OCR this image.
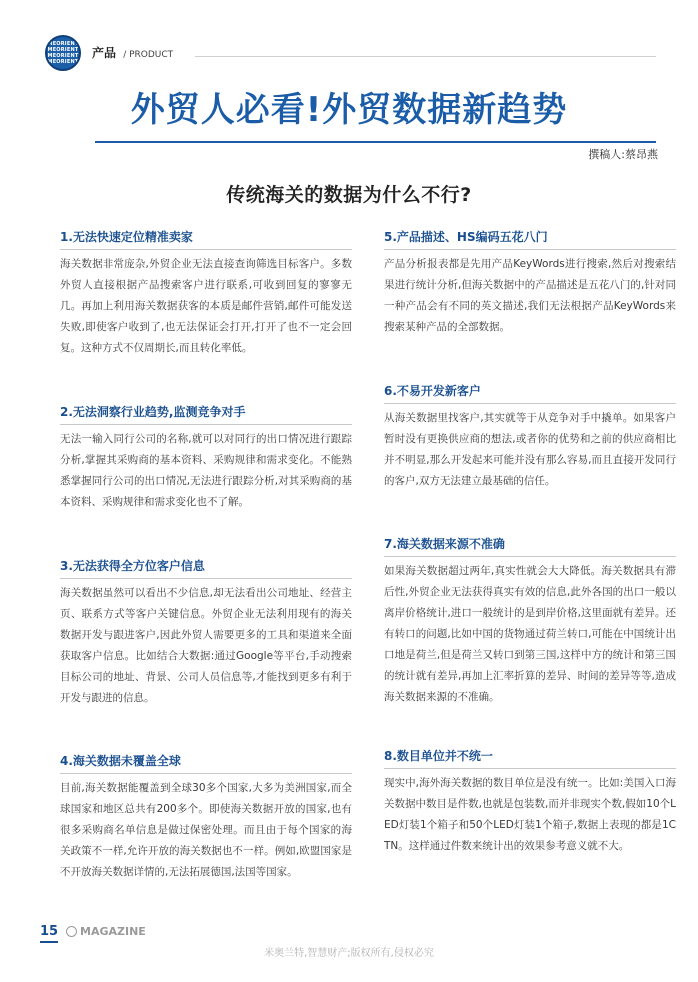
MEORIENT
MEORIENT
MEORIENT
MEORIENT
产品 / PRODUCT
外贸人必看!外贸数据新趋势
撰稿人:蔡昂燕
传统海关的数据为什么不行?
1.无法快速定位精准卖家

海关数据非常庞杂,外贸企业无法直接查询筛选目标客户。多数外贸人直接根据产品搜索客户进行联系,可收到回复的寥寥无几。再加上利用海关数据获客的本质是邮件营销,邮件可能发送失败,即使客户收到了,也无法保证会打开,打开了也不一定会回复。这种方式不仅周期长,而且转化率低。

2.无法洞察行业趋势,监测竞争对手

无法一输入同行公司的名称,就可以对同行的出口情况进行跟踪分析,掌握其采购商的基本资料、采购规律和需求变化。不能熟悉掌握同行公司的出口情况,无法进行跟踪分析,对其采购商的基本资料、采购规律和需求变化也不了解。

3.无法获得全方位客户信息

海关数据虽然可以看出不少信息,却无法看出公司地址、经营主页、联系方式等客户关键信息。外贸企业无法利用现有的海关数据开发与跟进客户,因此外贸人需要更多的工具和渠道来全面获取客户信息。比如结合大数据:通过Google等平台,手动搜索目标公司的地址、背景、公司人员信息等,才能找到更多有利于开发与跟进的信息。

4.海关数据未覆盖全球

目前,海关数据能覆盖到全球30多个国家,大多为美洲国家,而全球国家和地区总共有200多个。即使海关数据开放的国家,也有很多采购商名单信息是做过保密处理。而且由于每个国家的海关政策不一样,允许开放的海关数据也不一样。例如,欧盟国家是不开放海关数据详情的,无法拓展德国,法国等国家。

5.产品描述、HS编码五花八门

产品分析报表都是先用产品KeyWords进行搜索,然后对搜索结果进行统计分析,但海关数据中的产品描述是五花八门的,针对同一种产品会有不同的英文描述,我们无法根据产品KeyWords来搜索某种产品的全部数据。

6.不易开发新客户

从海关数据里找客户,其实就等于从竞争对手中撬单。如果客户暂时没有更换供应商的想法,或者你的优势和之前的供应商相比并不明显,那么开发起来可能并没有那么容易,而且直接开发同行的客户,双方无法建立最基础的信任。

7.海关数据来源不准确

如果海关数据超过两年,真实性就会大大降低。海关数据具有滞后性,外贸企业无法获得真实有效的信息,此外各国的出口一般以离岸价格统计,进口一般统计的是到岸价格,这里面就有差异。还有转口的问题,比如中国的货物通过荷兰转口,可能在中国统计出口地是荷兰,但是荷兰又转口到第三国,这样中方的统计和第三国的统计就有差异,再加上汇率折算的差异、时间的差异等等,造成海关数据来源的不准确。

8.数目单位并不统一

现实中,海外海关数据的数目单位是没有统一。比如:美国入口海关数据中数目是件数,也就是包装数,而并非现实个数,假如10个LED灯装1个箱子和50个LED灯装1个箱子,数据上表现的都是1CTN。这样通过件数来统计出的效果参考意义就不大。

15 MAGAZINE
米奥兰特,智慧财产;版权所有,侵权必究
